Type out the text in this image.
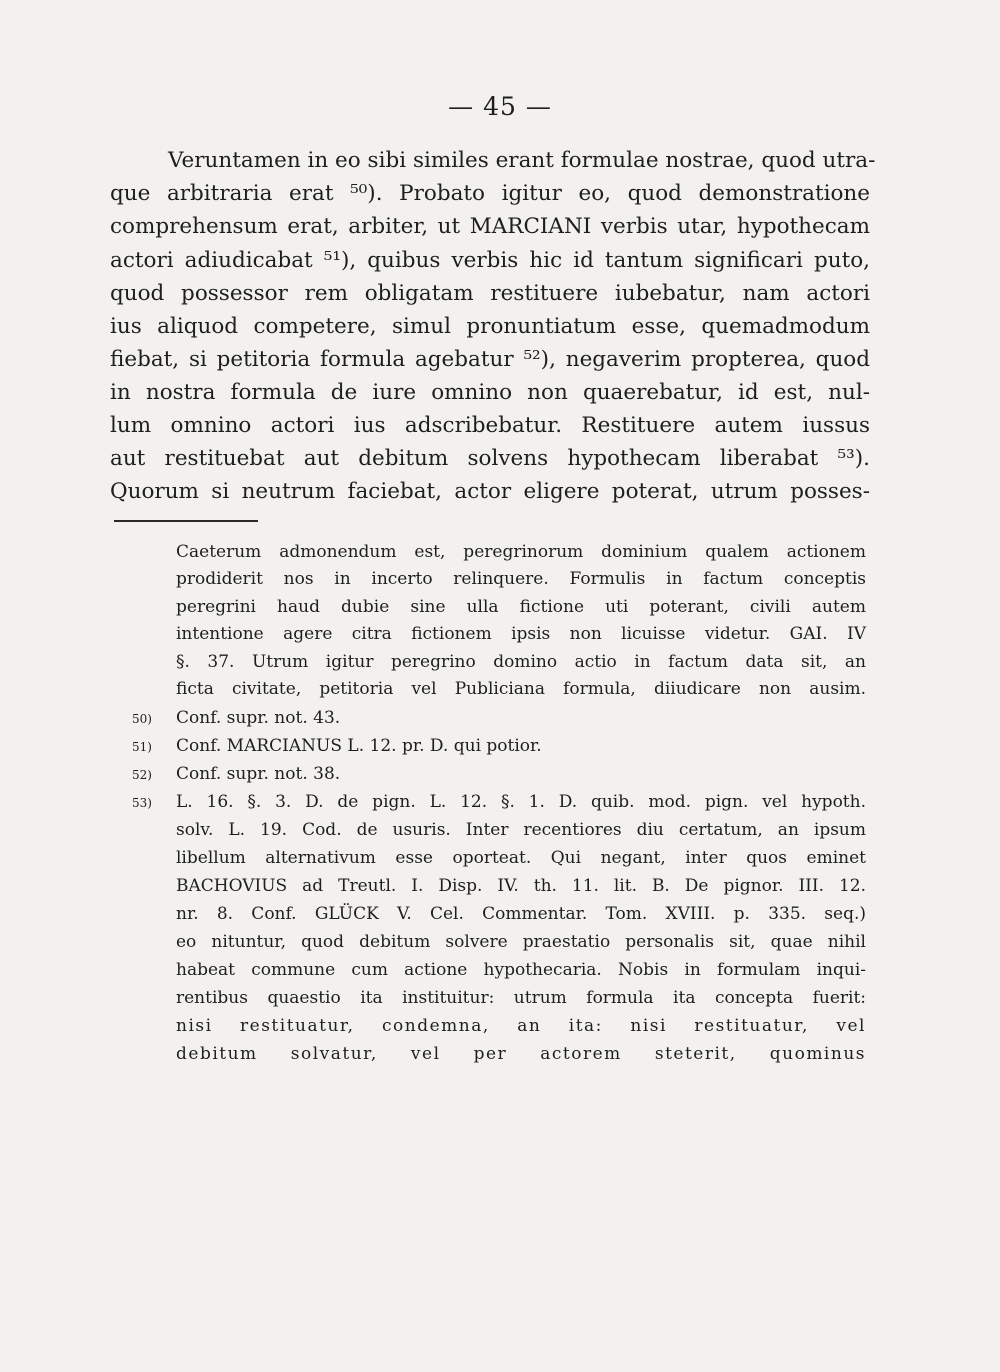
— 45 —
Veruntamen in eo sibi similes erant formulae nostrae, quod utra-
que arbitraria erat ⁵⁰). Probato igitur eo, quod demonstratione
comprehensum erat, arbiter, ut MARCIANI verbis utar, hypothecam
actori adiudicabat ⁵¹), quibus verbis hic id tantum significari puto,
quod possessor rem obligatam restituere iubebatur, nam actori
ius aliquod competere, simul pronuntiatum esse, quemadmodum
fiebat, si petitoria formula agebatur ⁵²), negaverim propterea, quod
in nostra formula de iure omnino non quaerebatur, id est, nul-
lum omnino actori ius adscribebatur. Restituere autem iussus
aut restituebat aut debitum solvens hypothecam liberabat ⁵³).
Quorum si neutrum faciebat, actor eligere poterat, utrum posses-
Caeterum admonendum est, peregrinorum dominium qualem actionem
prodiderit nos in incerto relinquere. Formulis in factum conceptis
peregrini haud dubie sine ulla fictione uti poterant, civili autem
intentione agere citra fictionem ipsis non licuisse videtur. GAI. IV
§. 37. Utrum igitur peregrino domino actio in factum data sit, an
ficta civitate, petitoria vel Publiciana formula, diiudicare non ausim.
50)	Conf. supr. not. 43.
51)	Conf. MARCIANUS L. 12. pr. D. qui potior.
52)	Conf. supr. not. 38.
53)	L. 16. §. 3. D. de pign. L. 12. §. 1. D. quib. mod. pign. vel hypoth.
solv. L. 19. Cod. de usuris. Inter recentiores diu certatum, an ipsum
libellum alternativum esse oporteat. Qui negant, inter quos eminet
BACHOVIUS ad Treutl. I. Disp. IV. th. 11. lit. B. De pignor. III. 12.
nr. 8. Conf. GLÜCK V. Cel. Commentar. Tom. XVIII. p. 335. seq.)
eo nituntur, quod debitum solvere praestatio personalis sit, quae nihil
habeat commune cum actione hypothecaria. Nobis in formulam inqui-
rentibus quaestio ita instituitur: utrum formula ita concepta fuerit:
nisi restituatur, condemna, an ita: nisi restituatur, vel
debitum solvatur, vel per actorem steterit, quominus
